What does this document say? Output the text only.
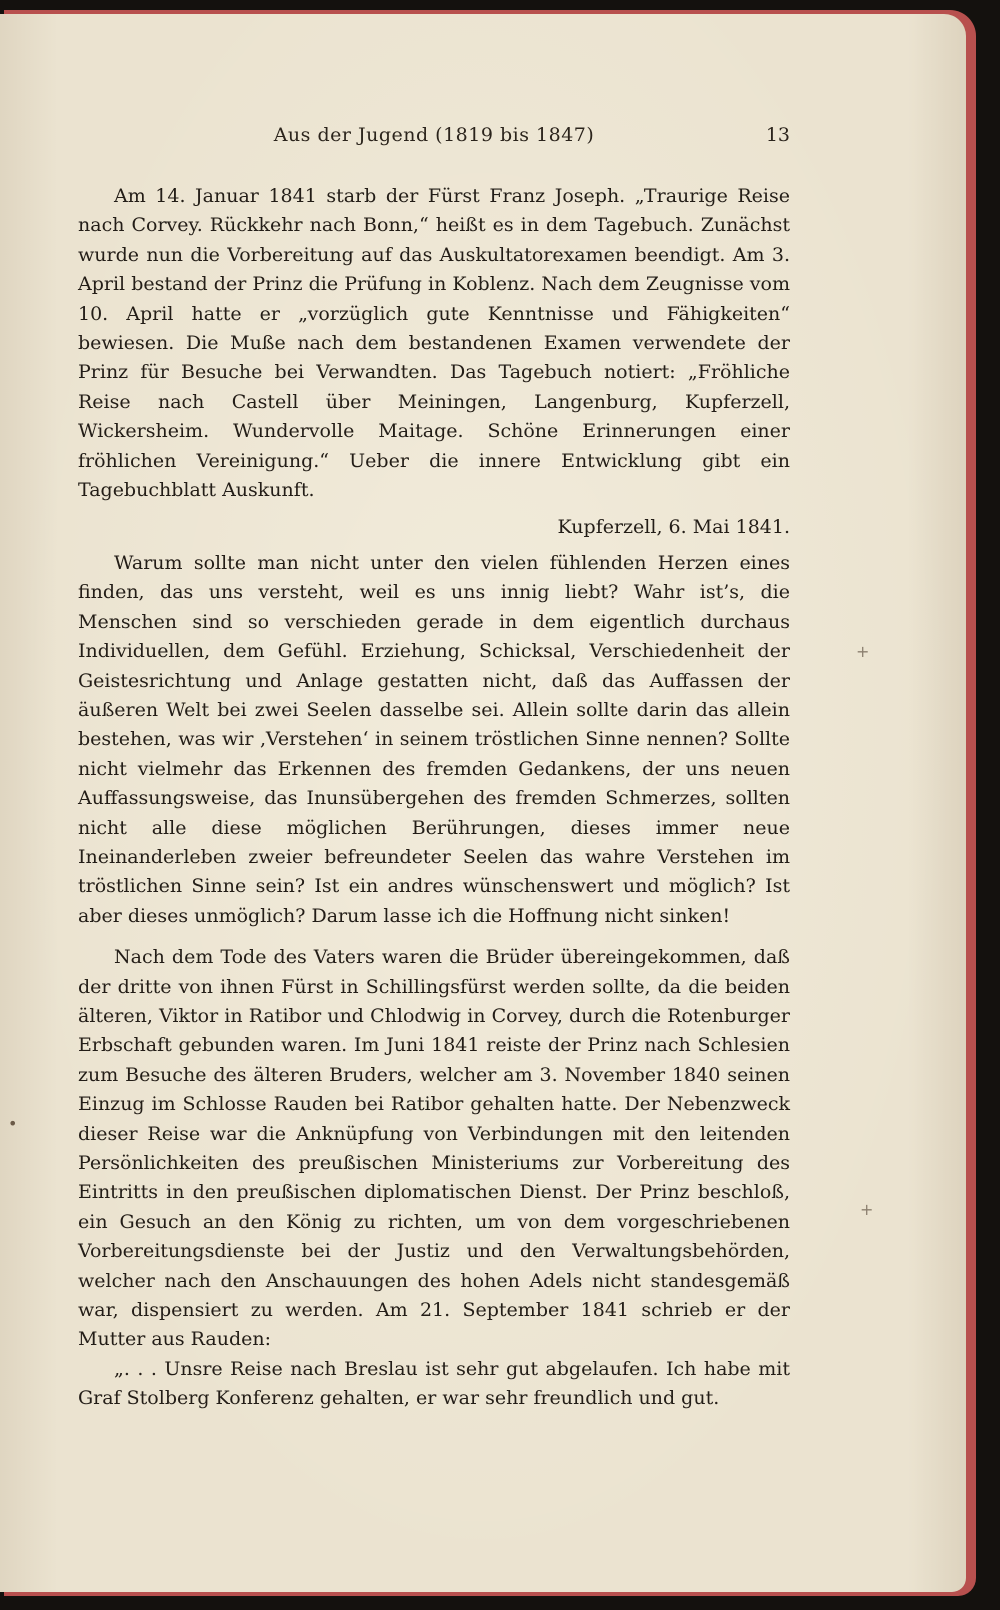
Aus der Jugend (1819 bis 1847)	13

Am 14. Januar 1841 starb der Fürst Franz Joseph. „Traurige Reise nach Corvey. Rückkehr nach Bonn,“ heißt es in dem Tagebuch. Zunächst wurde nun die Vorbereitung auf das Auskultatorexamen beendigt. Am 3. April bestand der Prinz die Prüfung in Koblenz. Nach dem Zeugnisse vom 10. April hatte er „vorzüglich gute Kenntnisse und Fähigkeiten“ bewiesen. Die Muße nach dem bestandenen Examen verwendete der Prinz für Besuche bei Verwandten. Das Tagebuch notiert: „Fröhliche Reise nach Castell über Meiningen, Langenburg, Kupferzell, Wickersheim. Wundervolle Maitage. Schöne Erinnerungen einer fröhlichen Vereinigung.“ Ueber die innere Entwicklung gibt ein Tagebuchblatt Auskunft.

Kupferzell, 6. Mai 1841.

Warum sollte man nicht unter den vielen fühlenden Herzen eines finden, das uns versteht, weil es uns innig liebt? Wahr ist’s, die Menschen sind so verschieden gerade in dem eigentlich durchaus Individuellen, dem Gefühl. Erziehung, Schicksal, Verschiedenheit der Geistesrichtung und Anlage gestatten nicht, daß das Auffassen der äußeren Welt bei zwei Seelen dasselbe sei. Allein sollte darin das allein bestehen, was wir ‚Verstehen‘ in seinem tröstlichen Sinne nennen? Sollte nicht vielmehr das Erkennen des fremden Gedankens, der uns neuen Auffassungsweise, das Inunsübergehen des fremden Schmerzes, sollten nicht alle diese möglichen Berührungen, dieses immer neue Ineinanderleben zweier befreundeter Seelen das wahre Verstehen im tröstlichen Sinne sein? Ist ein andres wünschenswert und möglich? Ist aber dieses unmöglich? Darum lasse ich die Hoffnung nicht sinken!

Nach dem Tode des Vaters waren die Brüder übereingekommen, daß der dritte von ihnen Fürst in Schillingsfürst werden sollte, da die beiden älteren, Viktor in Ratibor und Chlodwig in Corvey, durch die Rotenburger Erbschaft gebunden waren. Im Juni 1841 reiste der Prinz nach Schlesien zum Besuche des älteren Bruders, welcher am 3. November 1840 seinen Einzug im Schlosse Rauden bei Ratibor gehalten hatte. Der Nebenzweck dieser Reise war die Anknüpfung von Verbindungen mit den leitenden Persönlichkeiten des preußischen Ministeriums zur Vorbereitung des Eintritts in den preußischen diplomatischen Dienst. Der Prinz beschloß, ein Gesuch an den König zu richten, um von dem vorgeschriebenen Vorbereitungsdienste bei der Justiz und den Verwaltungsbehörden, welcher nach den Anschauungen des hohen Adels nicht standesgemäß war, dispensiert zu werden. Am 21. September 1841 schrieb er der Mutter aus Rauden:

„. . . Unsre Reise nach Breslau ist sehr gut abgelaufen. Ich habe mit Graf Stolberg Konferenz gehalten, er war sehr freundlich und gut.

+
+
•
